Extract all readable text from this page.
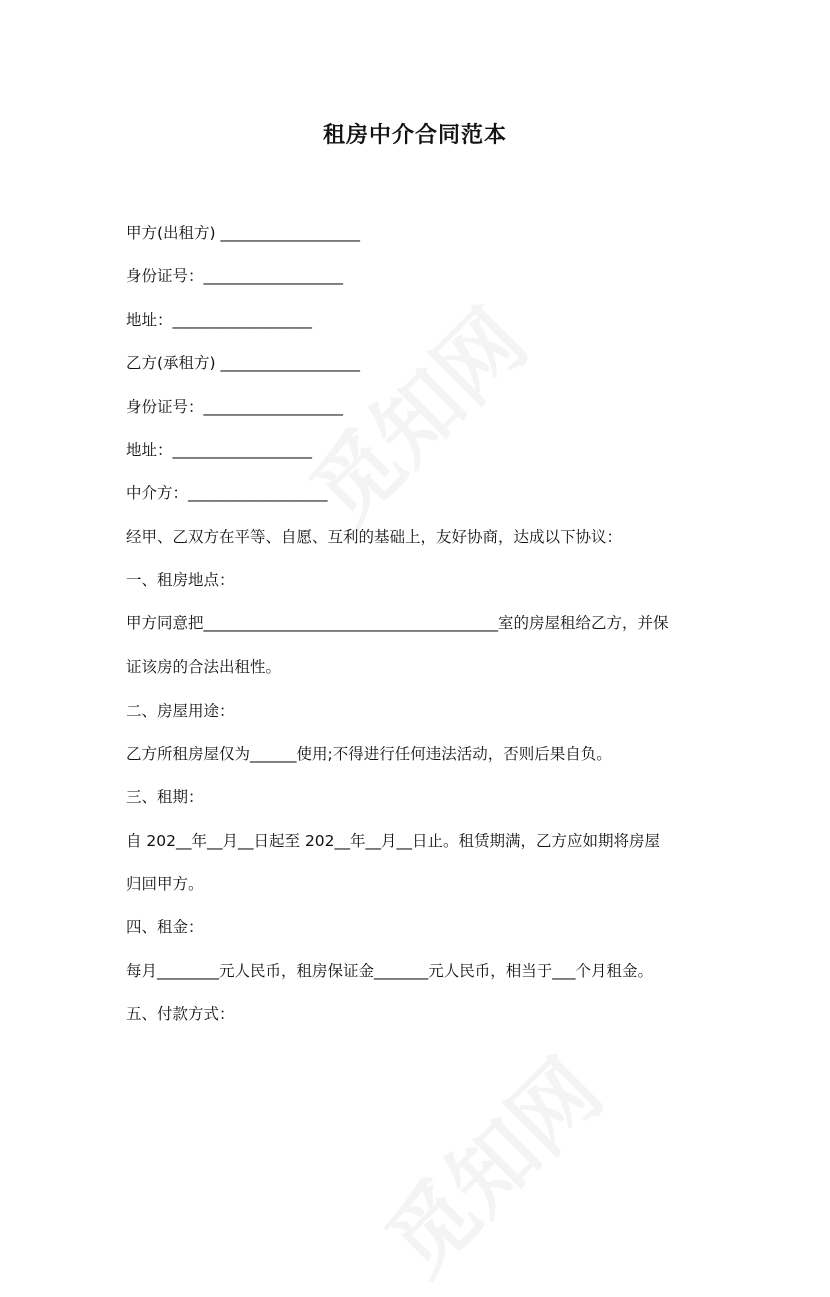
租房中介合同范本
甲方(出租方) __________________
身份证号：__________________
地址：__________________
乙方(承租方) __________________
身份证号：__________________
地址：__________________
中介方：__________________
经甲、乙双方在平等、自愿、互利的基础上，友好协商，达成以下协议：
一、租房地点：
甲方同意把______________________________________室的房屋租给乙方，并保
证该房的合法出租性。
二、房屋用途：
乙方所租房屋仅为______使用;不得进行任何违法活动，否则后果自负。
三、租期：
自 202__年__月__日起至 202__年__月__日止。租赁期满，乙方应如期将房屋
归回甲方。
四、租金：
每月________元人民币，租房保证金_______元人民币，相当于___个月租金。
五、付款方式：
